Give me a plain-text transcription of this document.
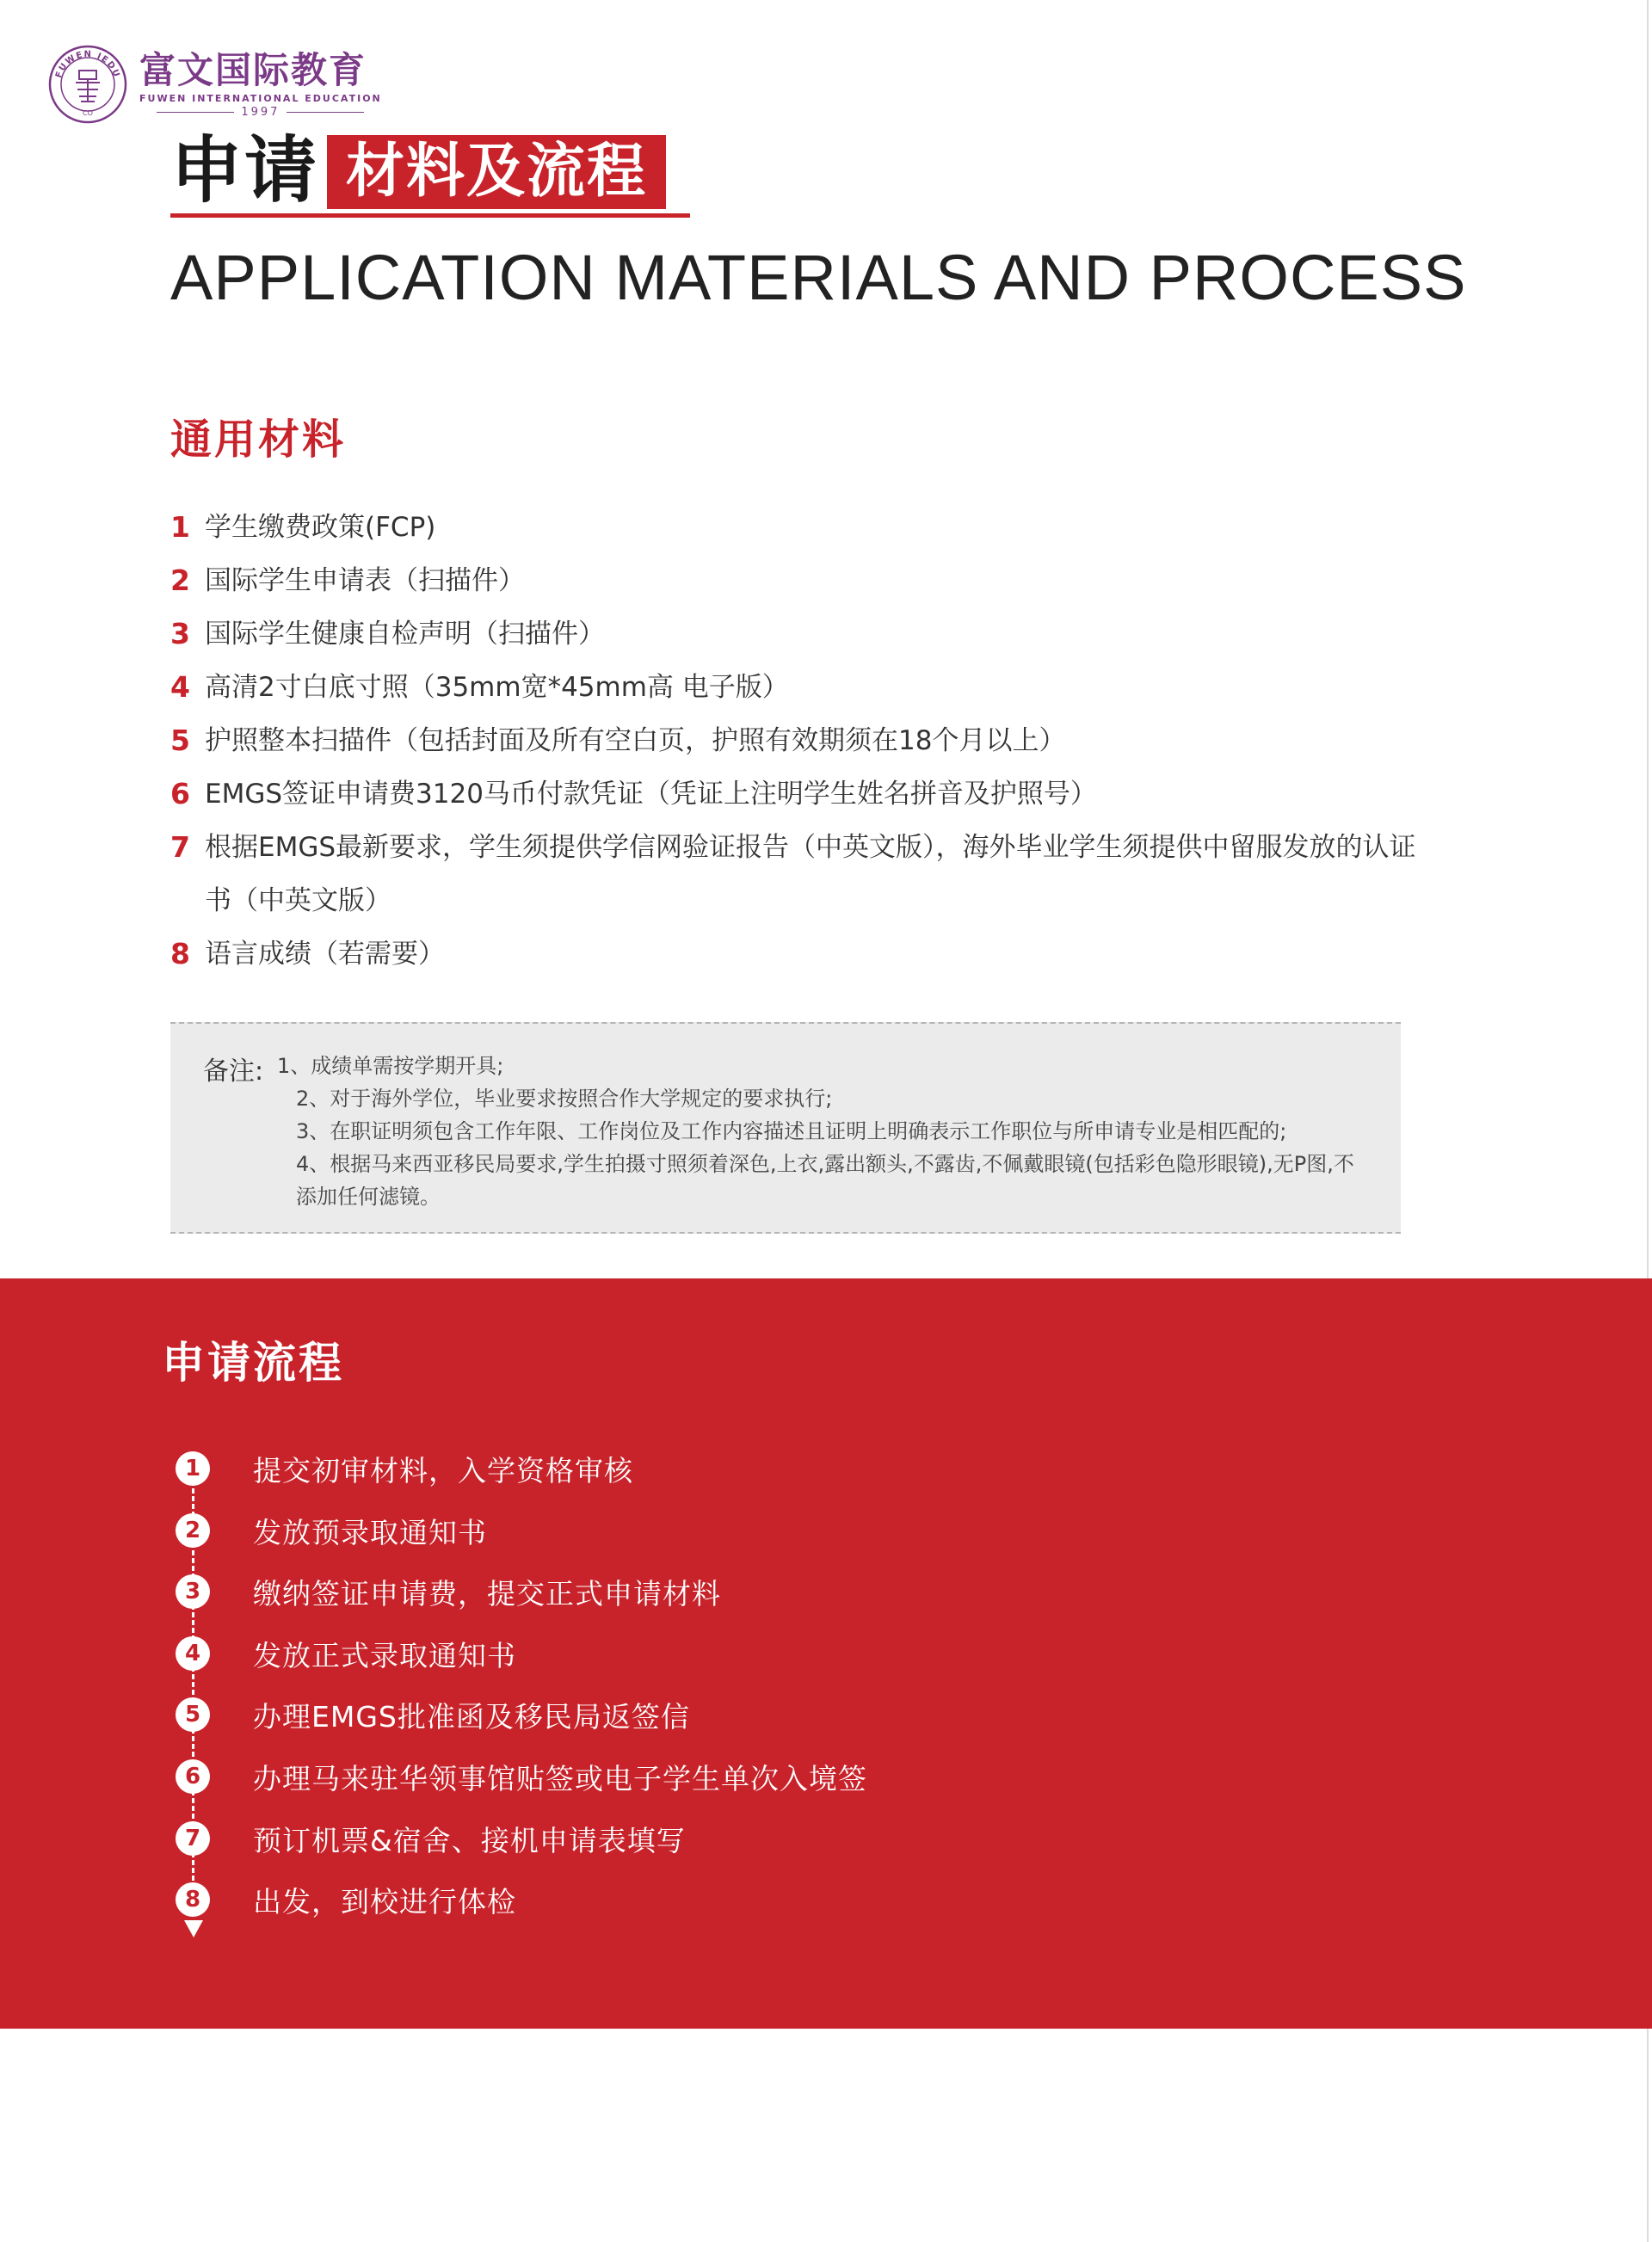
FUWEN IEDU
CO
富文国际教育
FUWEN INTERNATIONAL EDUCATION
1997
申请 材料及流程
APPLICATION MATERIALS AND PROCESS
通用材料
1 学生缴费政策(FCP)
2 国际学生申请表（扫描件）
3 国际学生健康自检声明（扫描件）
4 高清2寸白底寸照（35mm宽*45mm高 电子版）
5 护照整本扫描件（包括封面及所有空白页，护照有效期须在18个月以上）
6 EMGS签证申请费3120马币付款凭证（凭证上注明学生姓名拼音及护照号）
7 根据EMGS最新要求，学生须提供学信网验证报告（中英文版），海外毕业学生须提供中留服发放的认证书（中英文版）
8 语言成绩（若需要）
备注: 1、成绩单需按学期开具;
2、对于海外学位，毕业要求按照合作大学规定的要求执行;
3、在职证明须包含工作年限、工作岗位及工作内容描述且证明上明确表示工作职位与所申请专业是相匹配的;
4、根据马来西亚移民局要求,学生拍摄寸照须着深色,上衣,露出额头,不露齿,不佩戴眼镜(包括彩色隐形眼镜),无P图,不添加任何滤镜。
申请流程
1	提交初审材料，入学资格审核
2	发放预录取通知书
3	缴纳签证申请费，提交正式申请材料
4	发放正式录取通知书
5	办理EMGS批准函及移民局返签信
6	办理马来驻华领事馆贴签或电子学生单次入境签
7	预订机票&宿舍、接机申请表填写
8	出发，到校进行体检
